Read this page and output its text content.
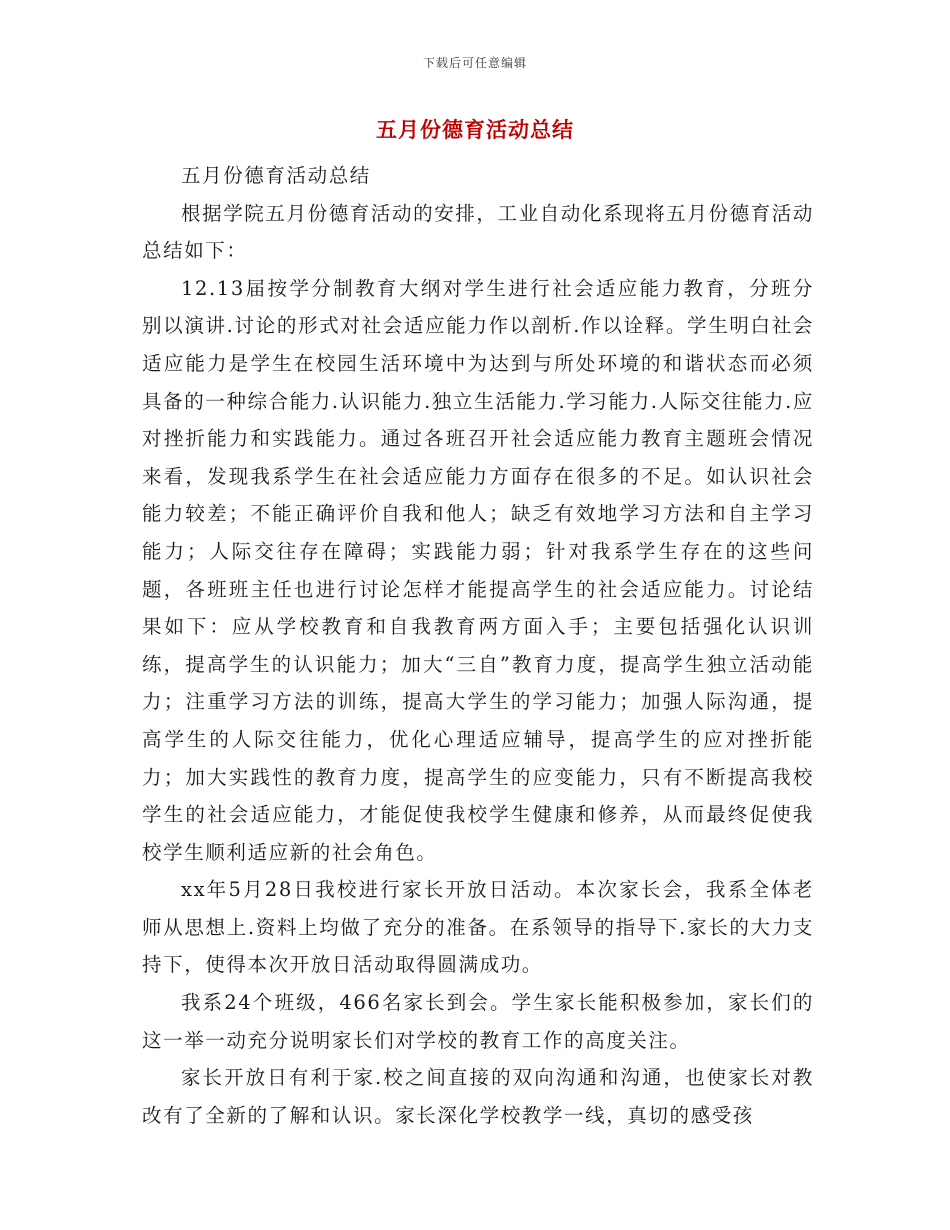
下载后可任意编辑
五月份德育活动总结

五月份德育活动总结

根据学院五月份德育活动的安排，工业自动化系现将五月份德育活动总结如下：

12.13届按学分制教育大纲对学生进行社会适应能力教育，分班分别以演讲.讨论的形式对社会适应能力作以剖析.作以诠释。学生明白社会适应能力是学生在校园生活环境中为达到与所处环境的和谐状态而必须具备的一种综合能力.认识能力.独立生活能力.学习能力.人际交往能力.应对挫折能力和实践能力。通过各班召开社会适应能力教育主题班会情况来看，发现我系学生在社会适应能力方面存在很多的不足。如认识社会能力较差；不能正确评价自我和他人；缺乏有效地学习方法和自主学习能力；人际交往存在障碍；实践能力弱；针对我系学生存在的这些问题，各班班主任也进行讨论怎样才能提高学生的社会适应能力。讨论结果如下：应从学校教育和自我教育两方面入手；主要包括强化认识训练，提高学生的认识能力；加大“三自”教育力度，提高学生独立活动能力；注重学习方法的训练，提高大学生的学习能力；加强人际沟通，提高学生的人际交往能力，优化心理适应辅导，提高学生的应对挫折能力；加大实践性的教育力度，提高学生的应变能力，只有不断提高我校学生的社会适应能力，才能促使我校学生健康和修养，从而最终促使我校学生顺利适应新的社会角色。

xx年5月28日我校进行家长开放日活动。本次家长会，我系全体老师从思想上.资料上均做了充分的准备。在系领导的指导下.家长的大力支持下，使得本次开放日活动取得圆满成功。

我系24个班级，466名家长到会。学生家长能积极参加，家长们的这一举一动充分说明家长们对学校的教育工作的高度关注。

家长开放日有利于家.校之间直接的双向沟通和沟通，也使家长对教改有了全新的了解和认识。家长深化学校教学一线，真切的感受孩
